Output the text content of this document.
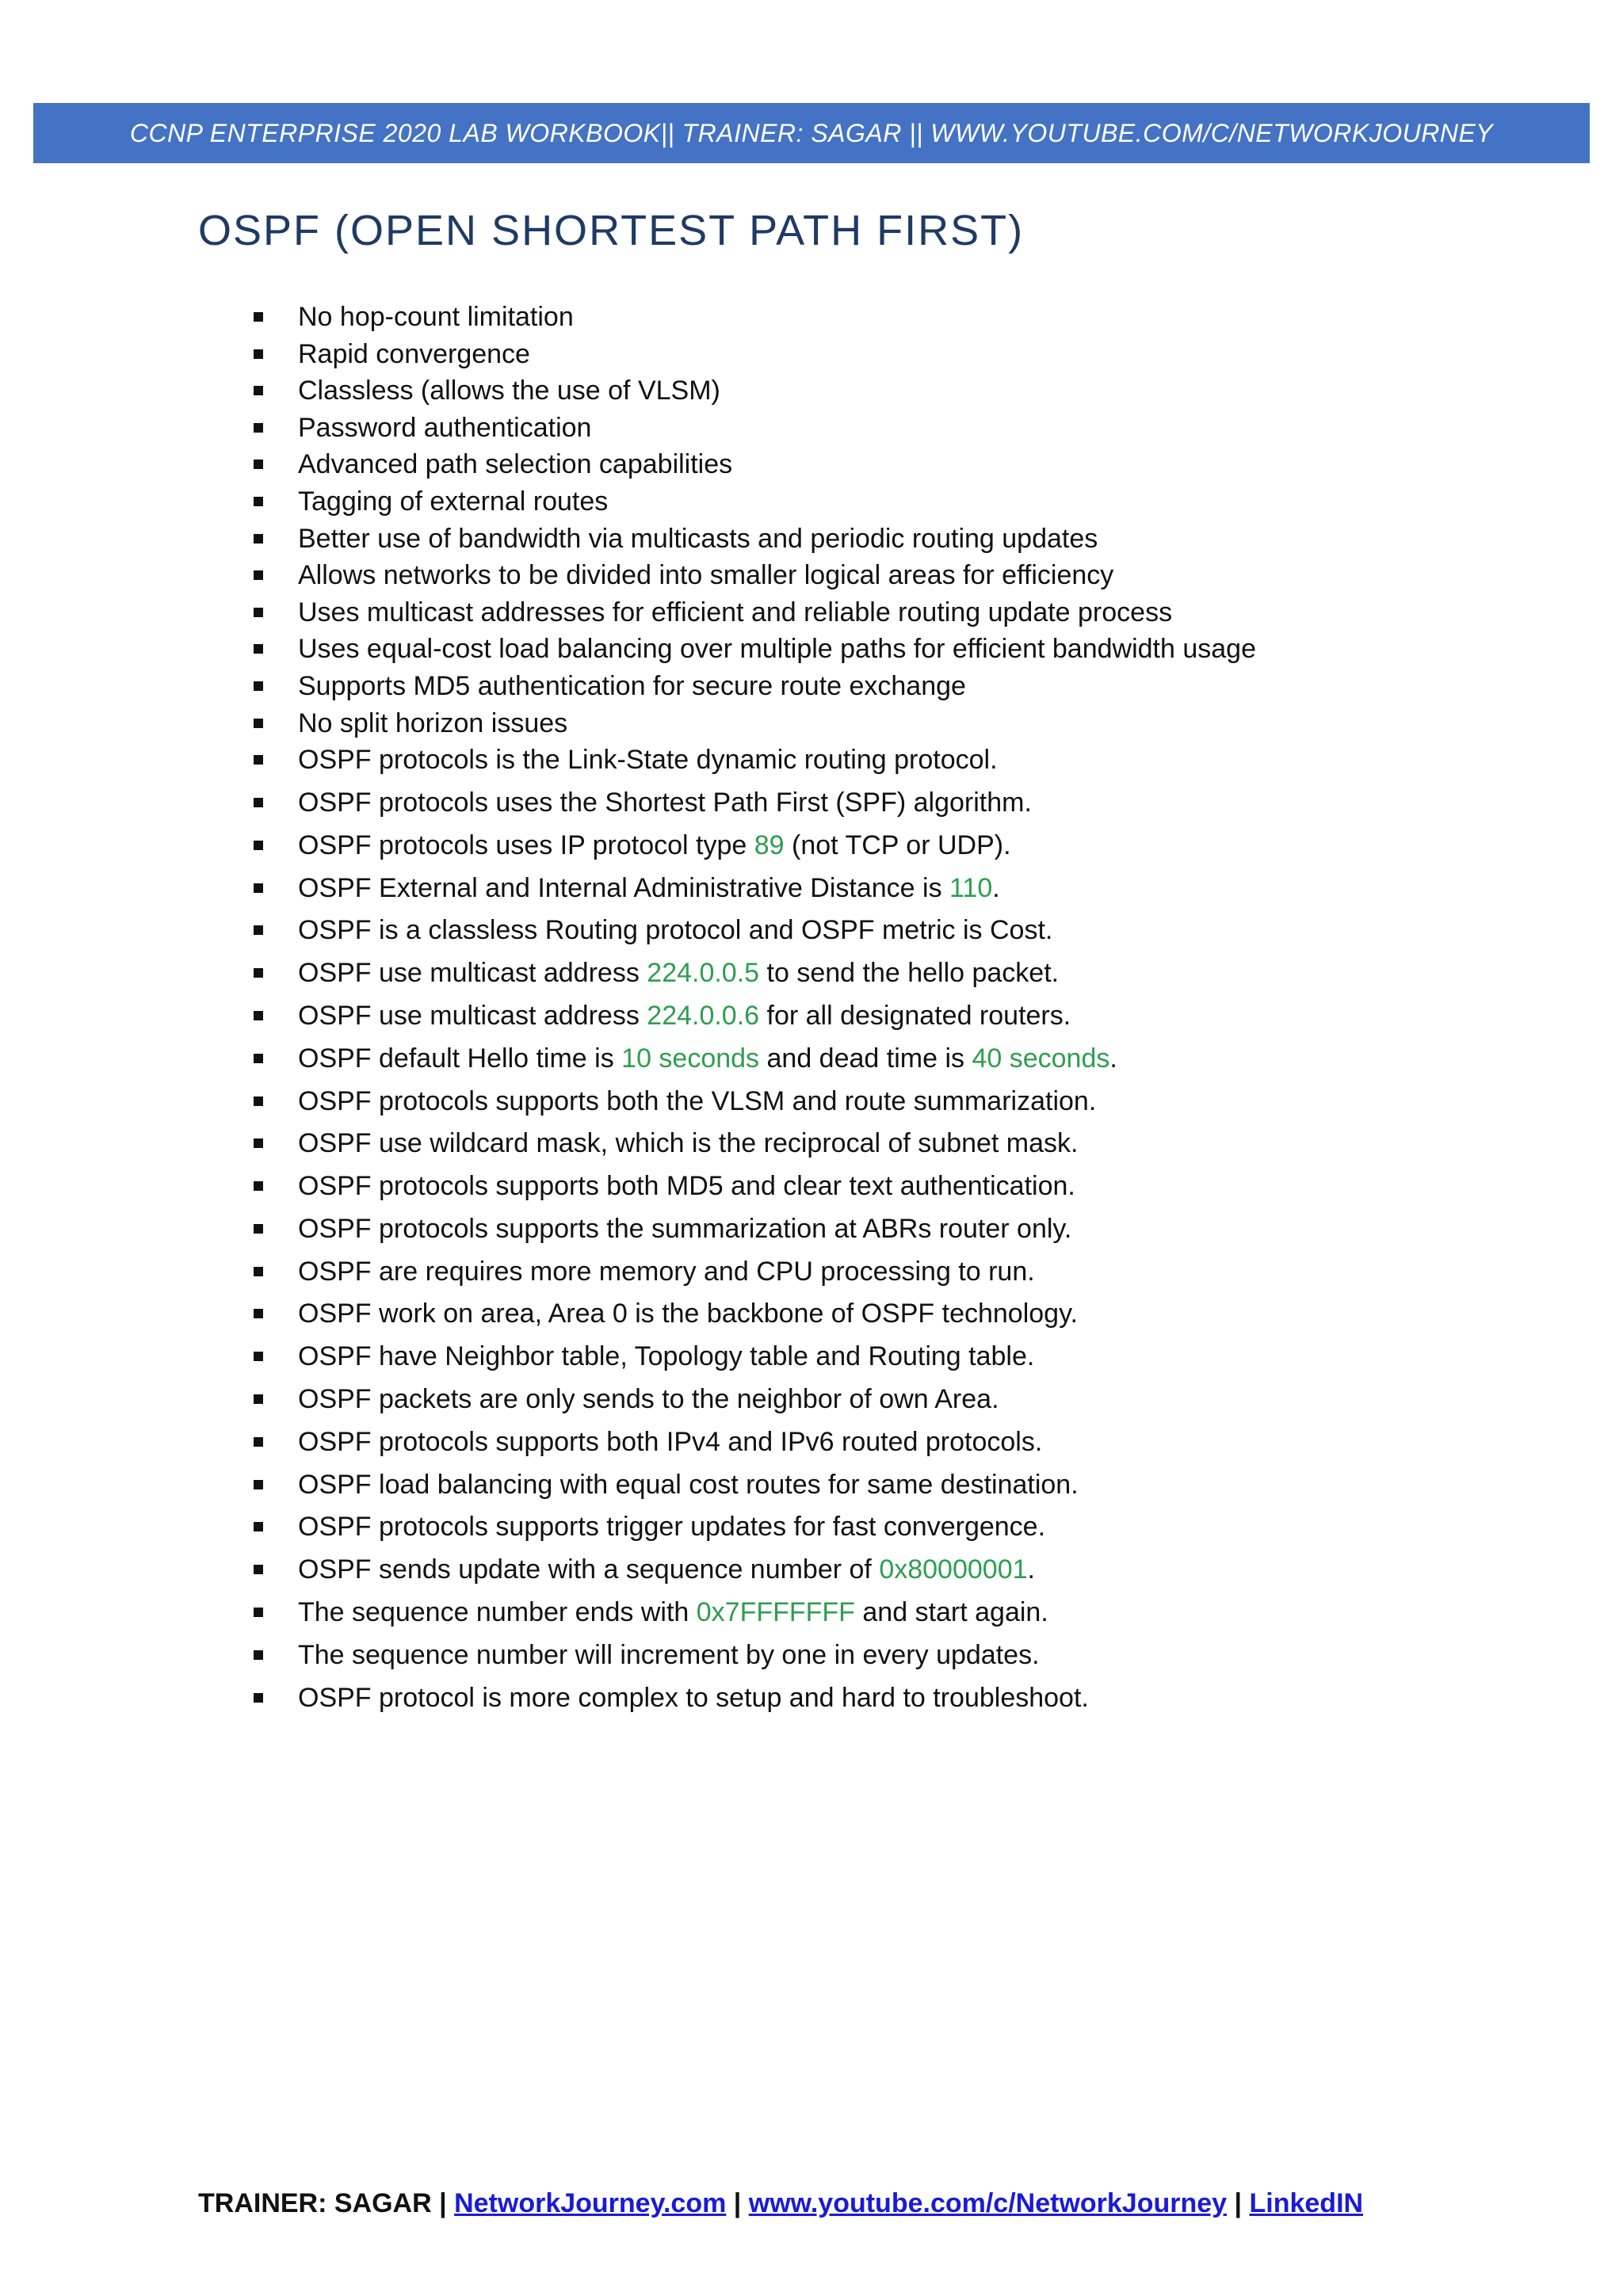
CCNP ENTERPRISE 2020 LAB WORKBOOK|| TRAINER: SAGAR || WWW.YOUTUBE.COM/C/NETWORKJOURNEY
OSPF (OPEN SHORTEST PATH FIRST)
No hop-count limitation
Rapid convergence
Classless (allows the use of VLSM)
Password authentication
Advanced path selection capabilities
Tagging of external routes
Better use of bandwidth via multicasts and periodic routing updates
Allows networks to be divided into smaller logical areas for efficiency
Uses multicast addresses for efficient and reliable routing update process
Uses equal-cost load balancing over multiple paths for efficient bandwidth usage
Supports MD5 authentication for secure route exchange
No split horizon issues
OSPF protocols is the Link-State dynamic routing protocol.
OSPF protocols uses the Shortest Path First (SPF) algorithm.
OSPF protocols uses IP protocol type 89 (not TCP or UDP).
OSPF External and Internal Administrative Distance is 110.
OSPF is a classless Routing protocol and OSPF metric is Cost.
OSPF use multicast address 224.0.0.5 to send the hello packet.
OSPF use multicast address 224.0.0.6 for all designated routers.
OSPF default Hello time is 10 seconds and dead time is 40 seconds.
OSPF protocols supports both the VLSM and route summarization.
OSPF use wildcard mask, which is the reciprocal of subnet mask.
OSPF protocols supports both MD5 and clear text authentication.
OSPF protocols supports the summarization at ABRs router only.
OSPF are requires more memory and CPU processing to run.
OSPF work on area, Area 0 is the backbone of OSPF technology.
OSPF have Neighbor table, Topology table and Routing table.
OSPF packets are only sends to the neighbor of own Area.
OSPF protocols supports both IPv4 and IPv6 routed protocols.
OSPF load balancing with equal cost routes for same destination.
OSPF protocols supports trigger updates for fast convergence.
OSPF sends update with a sequence number of 0x80000001.
The sequence number ends with 0x7FFFFFFF and start again.
The sequence number will increment by one in every updates.
OSPF protocol is more complex to setup and hard to troubleshoot.
TRAINER: SAGAR | NetworkJourney.com | www.youtube.com/c/NetworkJourney | LinkedIN
